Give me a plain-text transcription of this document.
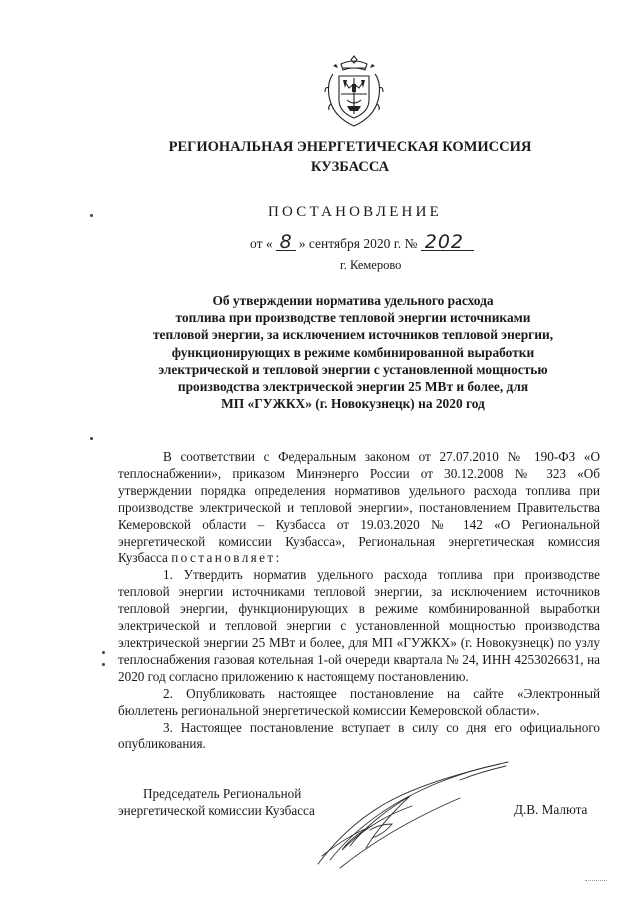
РЕГИОНАЛЬНАЯ ЭНЕРГЕТИЧЕСКАЯ КОМИССИЯ
КУЗБАССА
ПОСТАНОВЛЕНИЕ
от « 8 » сентября 2020 г. № 202
г. Кемерово
Об утверждении норматива удельного расхода
топлива при производстве тепловой энергии источниками
тепловой энергии, за исключением источников тепловой энергии,
функционирующих в режиме комбинированной выработки
электрической и тепловой энергии с установленной мощностью
производства электрической энергии 25 МВт и более, для
МП «ГУЖКХ» (г. Новокузнецк) на 2020 год

В соответствии с Федеральным законом от 27.07.2010 № 190-ФЗ «О теплоснабжении», приказом Минэнерго России от 30.12.2008 № 323 «Об утверждении порядка определения нормативов удельного расхода топлива при производстве электрической и тепловой энергии», постановлением Правительства Кемеровской области – Кузбасса от 19.03.2020 № 142 «О Региональной энергетической комиссии Кузбасса», Региональная энергетическая комиссия Кузбасса постановляет:

1. Утвердить норматив удельного расхода топлива при производстве тепловой энергии источниками тепловой энергии, за исключением источников тепловой энергии, функционирующих в режиме комбинированной выработки электрической и тепловой энергии с установленной мощностью производства электрической энергии 25 МВт и более, для МП «ГУЖКХ» (г. Новокузнецк) по узлу теплоснабжения газовая котельная 1-ой очереди квартала № 24, ИНН 4253026631, на 2020 год согласно приложению к настоящему постановлению.

2. Опубликовать настоящее постановление на сайте «Электронный бюллетень региональной энергетической комиссии Кемеровской области».

3. Настоящее постановление вступает в силу со дня его официального опубликования.

Председатель Региональной
энергетической комиссии Кузбасса	Д.В. Малюта
